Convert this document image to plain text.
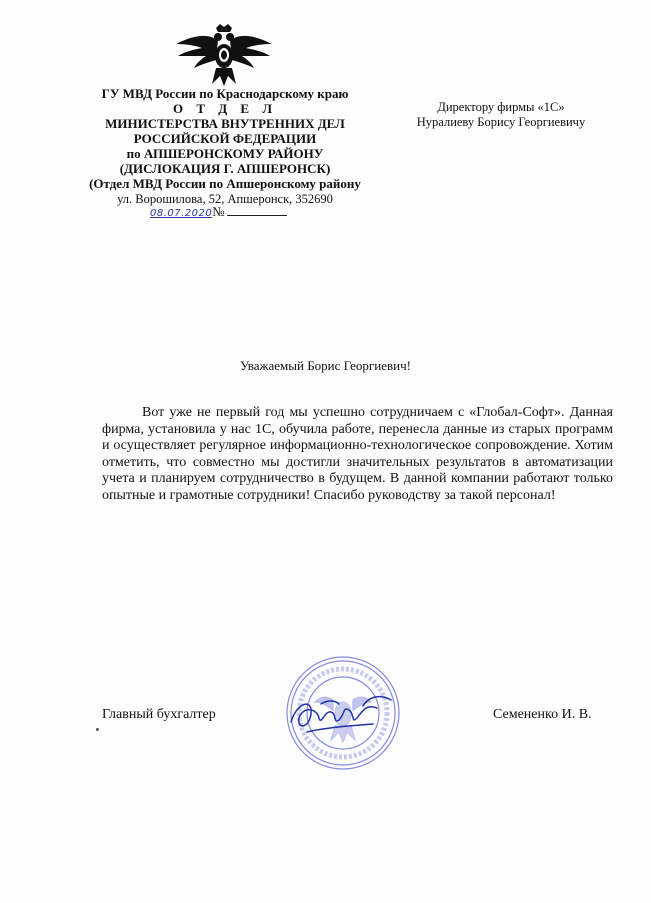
ГУ МВД России по Краснодарскому краю
О Т Д Е Л
МИНИСТЕРСТВА ВНУТРЕННИХ ДЕЛ
РОССИЙСКОЙ ФЕДЕРАЦИИ
по АПШЕРОНСКОМУ РАЙОНУ
(ДИСЛОКАЦИЯ Г. АПШЕРОНСК)
(Отдел МВД России по Апшеронскому району
ул. Ворошилова, 52, Апшеронск, 352690
08.07.2020№
Директору фирмы «1С»
Нуралиеву Борису Георгиевичу
Уважаемый Борис Георгиевич!
Вот уже не первый год мы успешно сотрудничаем с «Глобал-Софт». Данная фирма, установила у нас 1С, обучила работе, перенесла данные из старых программ и осуществляет регулярное информационно-технологическое сопровождение. Хотим отметить, что совместно мы достигли значительных результатов в автоматизации учета и планируем сотрудничество в будущем. В данной компании работают только опытные и грамотные сотрудники! Спасибо руководству за такой персонал!
Главный бухгалтер	Семененко И. В.
